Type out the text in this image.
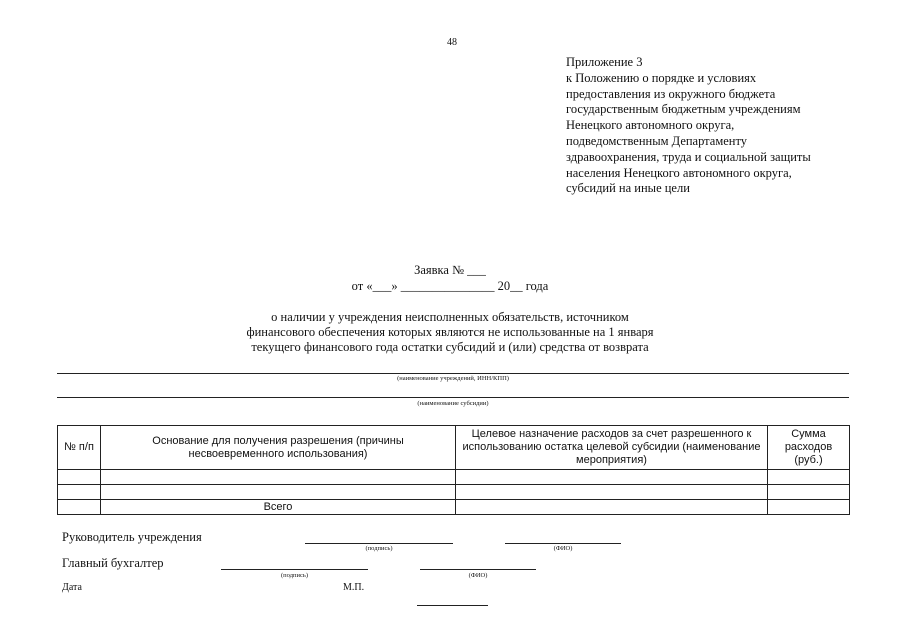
48
Приложение 3
к Положению о порядке и условиях
предоставления из окружного бюджета
государственным бюджетным учреждениям
Ненецкого автономного округа,
подведомственным Департаменту
здравоохранения, труда и социальной защиты
населения Ненецкого автономного округа,
субсидий на иные цели
Заявка № ___
от «___» _______________ 20__ года
о наличии у учреждения неисполненных обязательств, источником
финансового обеспечения которых являются не использованные на 1 января
текущего финансового года остатки субсидий и (или) средства от возврата
(наименование учреждений, ИНН/КПП)
(наименование субсидии)
№ п/п	Основание для получения разрешения (причины несвоевременного использования)	Целевое назначение расходов за счет разрешенного к использованию остатка целевой субсидии (наименование мероприятия)	Сумма расходов (руб.)

	Всего		
Руководитель учреждения
(подпись)	(ФИО)
Главный бухгалтер
(подпись)	(ФИО)
Дата	М.П.
